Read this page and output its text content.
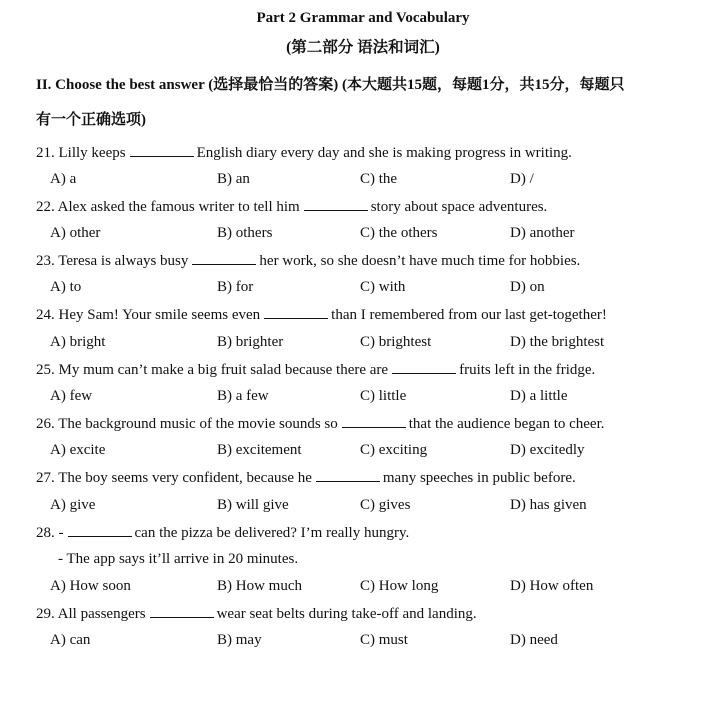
Part 2 Grammar and Vocabulary
(第二部分 语法和词汇)
II. Choose the best answer (选择最恰当的答案) (本大题共15题，每题1分，共15分，每题只
有一个正确选项)
21. Lilly keeps	English diary every day and she is making progress in writing.
A) a	B) an	C) the	D) /
22. Alex asked the famous writer to tell him	story about space adventures.
A) other	B) others	C) the others	D) another
23. Teresa is always busy	her work, so she doesn’t have much time for hobbies.
A) to	B) for	C) with	D) on
24. Hey Sam! Your smile seems even	than I remembered from our last get-together!
A) bright	B) brighter	C) brightest	D) the brightest
25. My mum can’t make a big fruit salad because there are	fruits left in the fridge.
A) few	B) a few	C) little	D) a little
26. The background music of the movie sounds so	that the audience began to cheer.
A) excite	B) excitement	C) exciting	D) excitedly
27. The boy seems very confident, because he	many speeches in public before.
A) give	B) will give	C) gives	D) has given
28. -	can the pizza be delivered? I’m really hungry.
- The app says it’ll arrive in 20 minutes.
A) How soon	B) How much	C) How long	D) How often
29. All passengers	wear seat belts during take-off and landing.
A) can	B) may	C) must	D) need
